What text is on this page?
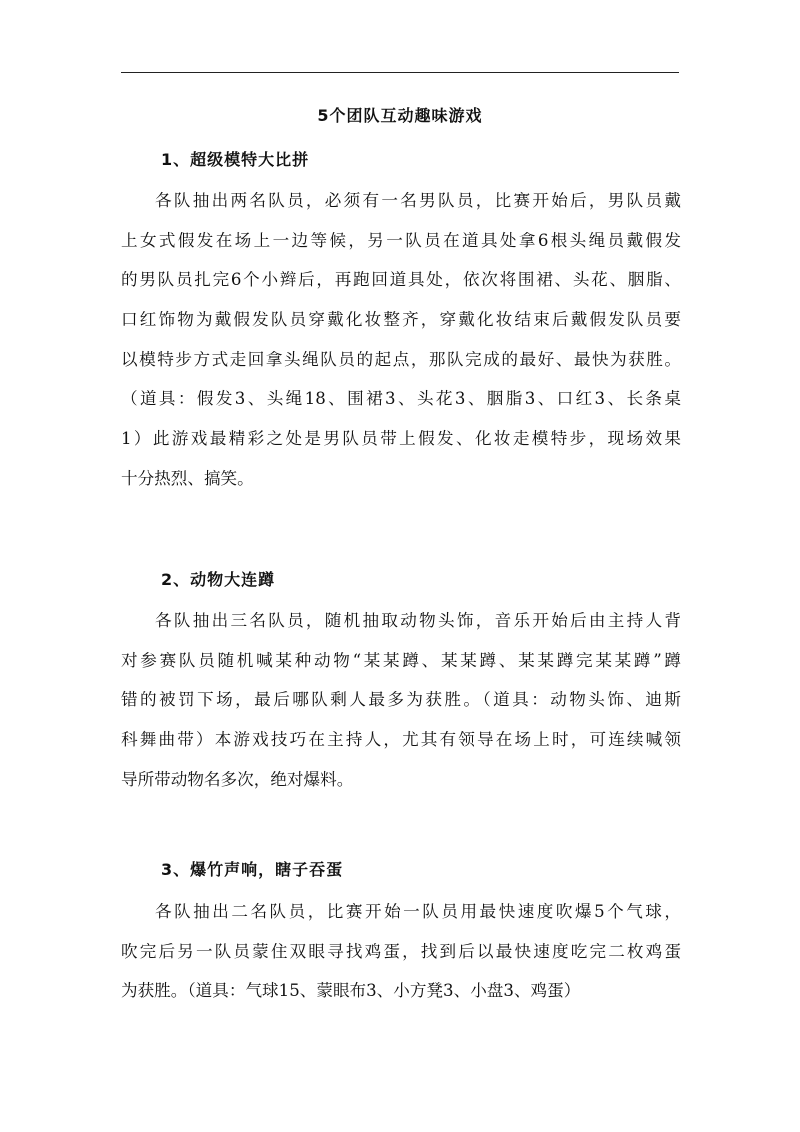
5个团队互动趣味游戏
1、超级模特大比拼
各队抽出两名队员，必须有一名男队员，比赛开始后，男队员戴
上女式假发在场上一边等候，另一队员在道具处拿6根头绳员戴假发
的男队员扎完6个小辫后，再跑回道具处，依次将围裙、头花、胭脂、
口红饰物为戴假发队员穿戴化妆整齐，穿戴化妆结束后戴假发队员要
以模特步方式走回拿头绳队员的起点，那队完成的最好、最快为获胜。
（道具：假发3、头绳18、围裙3、头花3、胭脂3、口红3、长条桌
1）此游戏最精彩之处是男队员带上假发、化妆走模特步，现场效果
十分热烈、搞笑。
2、动物大连蹲
各队抽出三名队员，随机抽取动物头饰，音乐开始后由主持人背
对参赛队员随机喊某种动物“某某蹲、某某蹲、某某蹲完某某蹲”蹲
错的被罚下场，最后哪队剩人最多为获胜。（道具：动物头饰、迪斯
科舞曲带）本游戏技巧在主持人，尤其有领导在场上时，可连续喊领
导所带动物名多次，绝对爆料。
3、爆竹声响，瞎子吞蛋
各队抽出二名队员，比赛开始一队员用最快速度吹爆5个气球，
吹完后另一队员蒙住双眼寻找鸡蛋，找到后以最快速度吃完二枚鸡蛋
为获胜。（道具：气球15、蒙眼布3、小方凳3、小盘3、鸡蛋）
